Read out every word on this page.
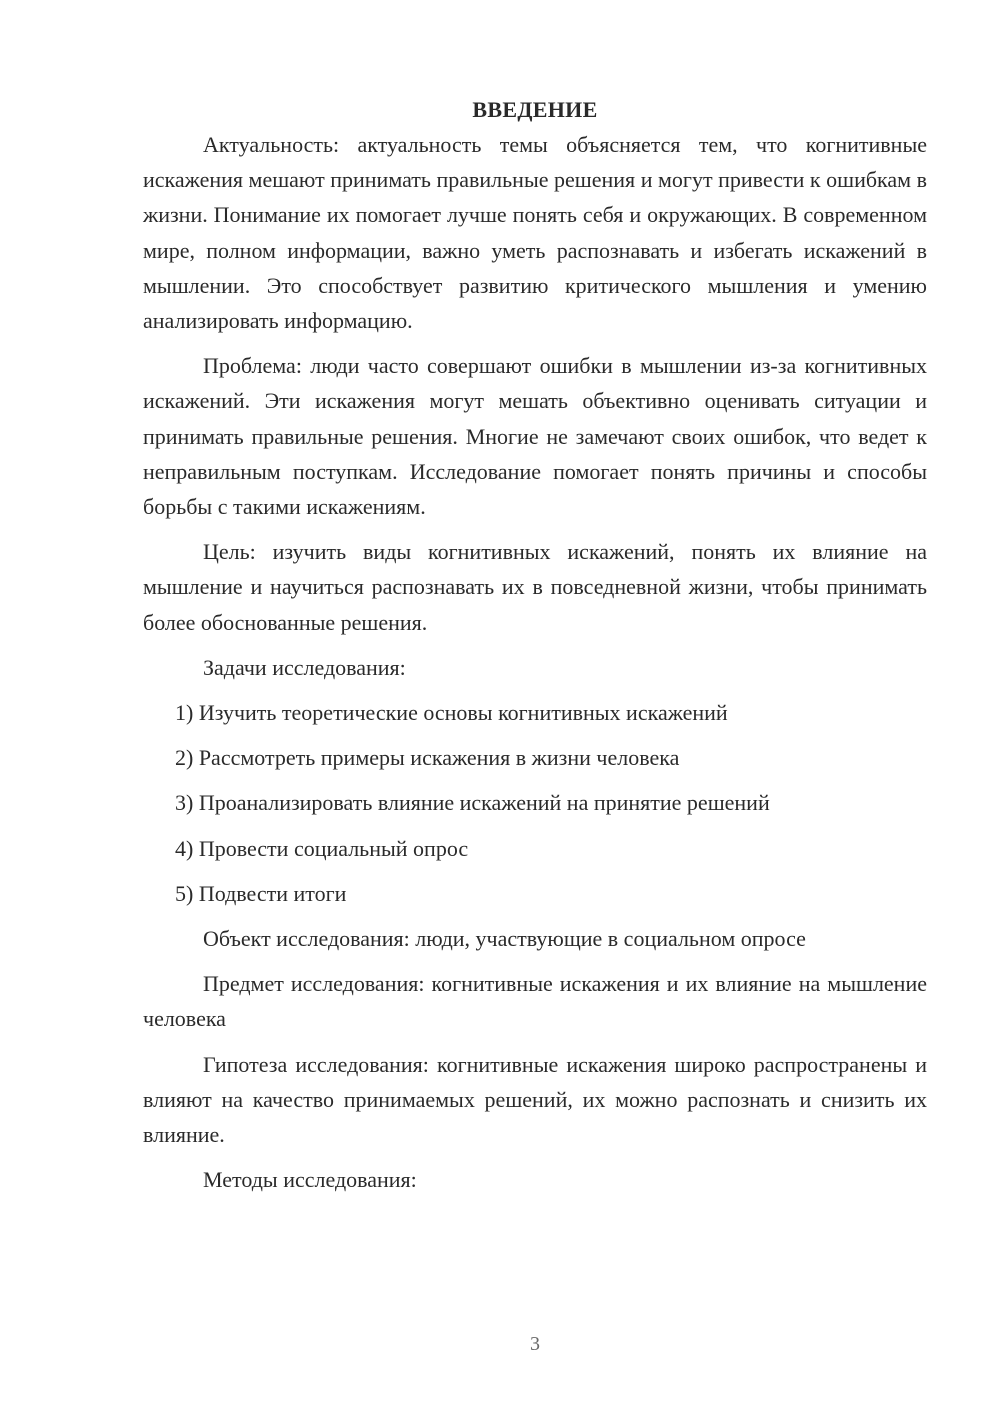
ВВЕДЕНИЕ

Актуальность: актуальность темы объясняется тем, что когнитивные искажения мешают принимать правильные решения и могут привести к ошибкам в жизни. Понимание их помогает лучше понять себя и окружающих. В современном мире, полном информации, важно уметь распознавать и избегать искажений в мышлении. Это способствует развитию критического мышления и умению анализировать информацию.

Проблема: люди часто совершают ошибки в мышлении из-за когнитивных искажений. Эти искажения могут мешать объективно оценивать ситуации и принимать правильные решения. Многие не замечают своих ошибок, что ведет к неправильным поступкам. Исследование помогает понять причины и способы борьбы с такими искажениям.

Цель: изучить виды когнитивных искажений, понять их влияние на мышление и научиться распознавать их в повседневной жизни, чтобы принимать более обоснованные решения.

Задачи исследования:

1) Изучить теоретические основы когнитивных искажений
2) Рассмотреть примеры искажения в жизни человека
3) Проанализировать влияние искажений на принятие решений
4) Провести социальный опрос
5) Подвести итоги

Объект исследования: люди, участвующие в социальном опросе

Предмет исследования: когнитивные искажения и их влияние на мышление человека

Гипотеза исследования: когнитивные искажения широко распространены и влияют на качество принимаемых решений, их можно распознать и снизить их влияние.

Методы исследования:

3
